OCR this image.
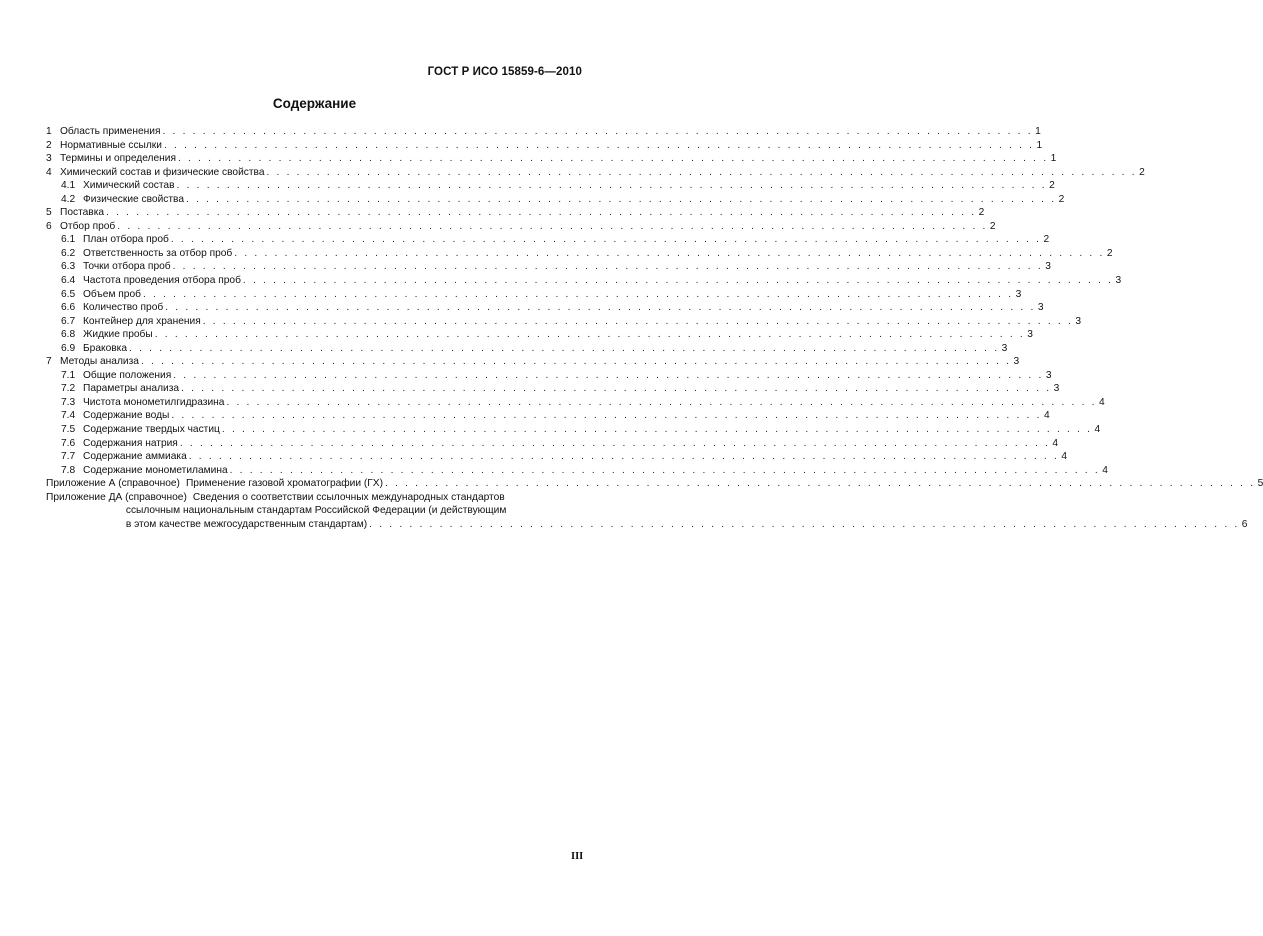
ГОСТ Р ИСО 15859-6—2010
Содержание
1 Область применения . . .	1
2 Нормативные ссылки . . .	1
3 Термины и определения . . .	1
4 Химический состав и физические свойства . . .	2
4.1 Химический состав . . .	2
4.2 Физические свойства . . .	2
5 Поставка . . .	2
6 Отбор проб . . .	2
6.1 План отбора проб . . .	2
6.2 Ответственность за отбор проб . . .	2
6.3 Точки отбора проб . . .	3
6.4 Частота проведения отбора проб . . .	3
6.5 Объем проб . . .	3
6.6 Количество проб . . .	3
6.7 Контейнер для хранения . . .	3
6.8 Жидкие пробы . . .	3
6.9 Браковка . . .	3
7 Методы анализа . . .	3
7.1 Общие положения . . .	3
7.2 Параметры анализа . . .	3
7.3 Чистота монометилгидразина . . .	4
7.4 Содержание воды . . .	4
7.5 Содержание твердых частиц . . .	4
7.6 Содержания натрия . . .	4
7.7 Содержание аммиака . . .	4
7.8 Содержание монометиламина . . .	4
Приложение А (справочное) Применение газовой хроматографии (ГХ) . . .	5
Приложение ДА (справочное) Сведения о соответствии ссылочных международных стандартов
ссылочным национальным стандартам Российской Федерации (и действующим
в этом качестве межгосударственным стандартам) . . .	6
III
